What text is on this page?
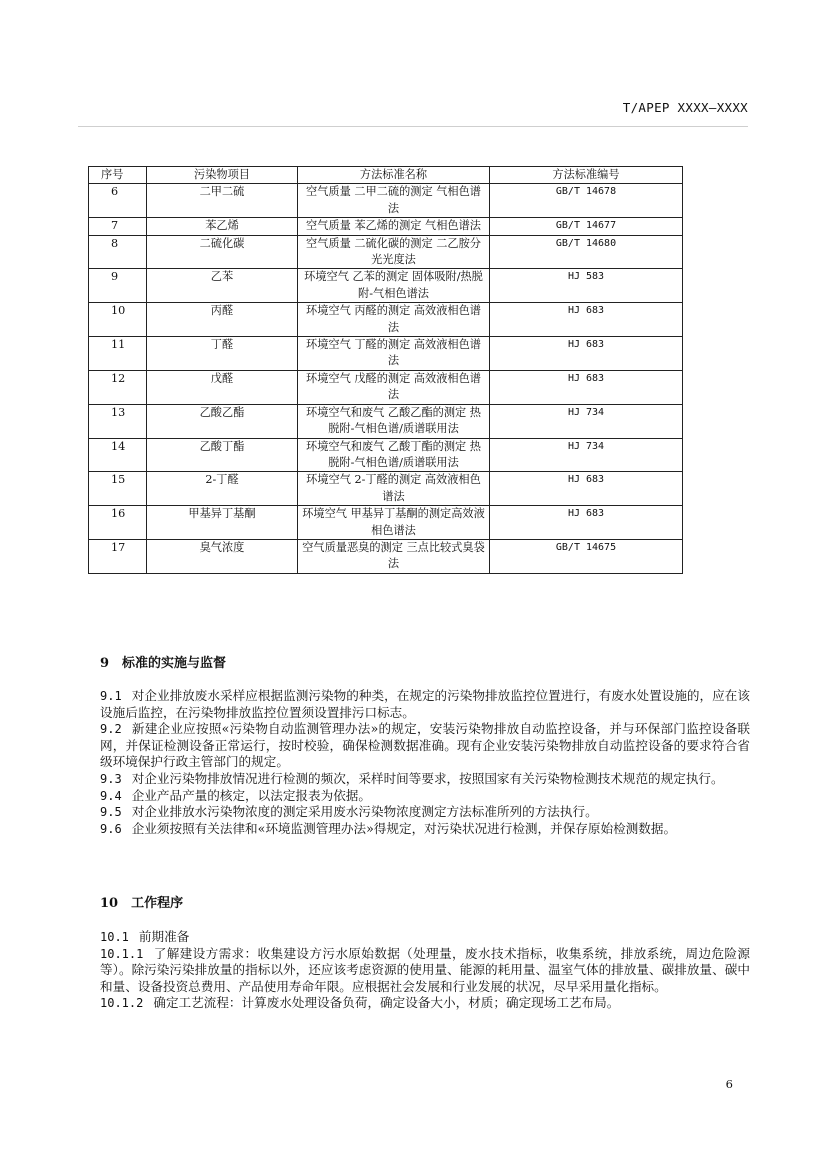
T/APEP XXXX—XXXX
序号	污染物项目	方法标准名称	方法标准编号
6	二甲二硫	空气质量 二甲二硫的测定 气相色谱法	GB/T 14678
7	苯乙烯	空气质量 苯乙烯的测定 气相色谱法	GB/T 14677
8	二硫化碳	空气质量 二硫化碳的测定 二乙胺分光光度法	GB/T 14680
9	乙苯	环境空气 乙苯的测定 固体吸附/热脱附-气相色谱法	HJ 583
10	丙醛	环境空气 丙醛的测定 高效液相色谱法	HJ 683
11	丁醛	环境空气 丁醛的测定 高效液相色谱法	HJ 683
12	戊醛	环境空气 戊醛的测定 高效液相色谱法	HJ 683
13	乙酸乙酯	环境空气和废气 乙酸乙酯的测定 热脱附-气相色谱/质谱联用法	HJ 734
14	乙酸丁酯	环境空气和废气 乙酸丁酯的测定 热脱附-气相色谱/质谱联用法	HJ 734
15	2-丁醛	环境空气 2-丁醛的测定 高效液相色谱法	HJ 683
16	甲基异丁基酮	环境空气 甲基异丁基酮的测定高效液相色谱法	HJ 683
17	臭气浓度	空气质量恶臭的测定 三点比较式臭袋法	GB/T 14675
9　标准的实施与监督

9.1 对企业排放废水采样应根据监测污染物的种类，在规定的污染物排放监控位置进行，有废水处置设施的，应在该设施后监控，在污染物排放监控位置须设置排污口标志。

9.2 新建企业应按照«污染物自动监测管理办法»的规定，安装污染物排放自动监控设备，并与环保部门监控设备联网，并保证检测设备正常运行，按时校验，确保检测数据准确。现有企业安装污染物排放自动监控设备的要求符合省级环境保护行政主管部门的规定。

9.3 对企业污染物排放情况进行检测的频次，采样时间等要求，按照国家有关污染物检测技术规范的规定执行。

9.4 企业产品产量的核定，以法定报表为依据。

9.5 对企业排放水污染物浓度的测定采用废水污染物浓度测定方法标准所列的方法执行。

9.6 企业须按照有关法律和«环境监测管理办法»得规定，对污染状况进行检测，并保存原始检测数据。

10　工作程序

10.1 前期准备

10.1.1 了解建设方需求：收集建设方污水原始数据（处理量，废水技术指标，收集系统，排放系统，周边危险源等）。除污染污染排放量的指标以外，还应该考虑资源的使用量、能源的耗用量、温室气体的排放量、碳排放量、碳中和量、设备投资总费用、产品使用寿命年限。应根据社会发展和行业发展的状况，尽早采用量化指标。

10.1.2 确定工艺流程：计算废水处理设备负荷，确定设备大小，材质；确定现场工艺布局。

6
